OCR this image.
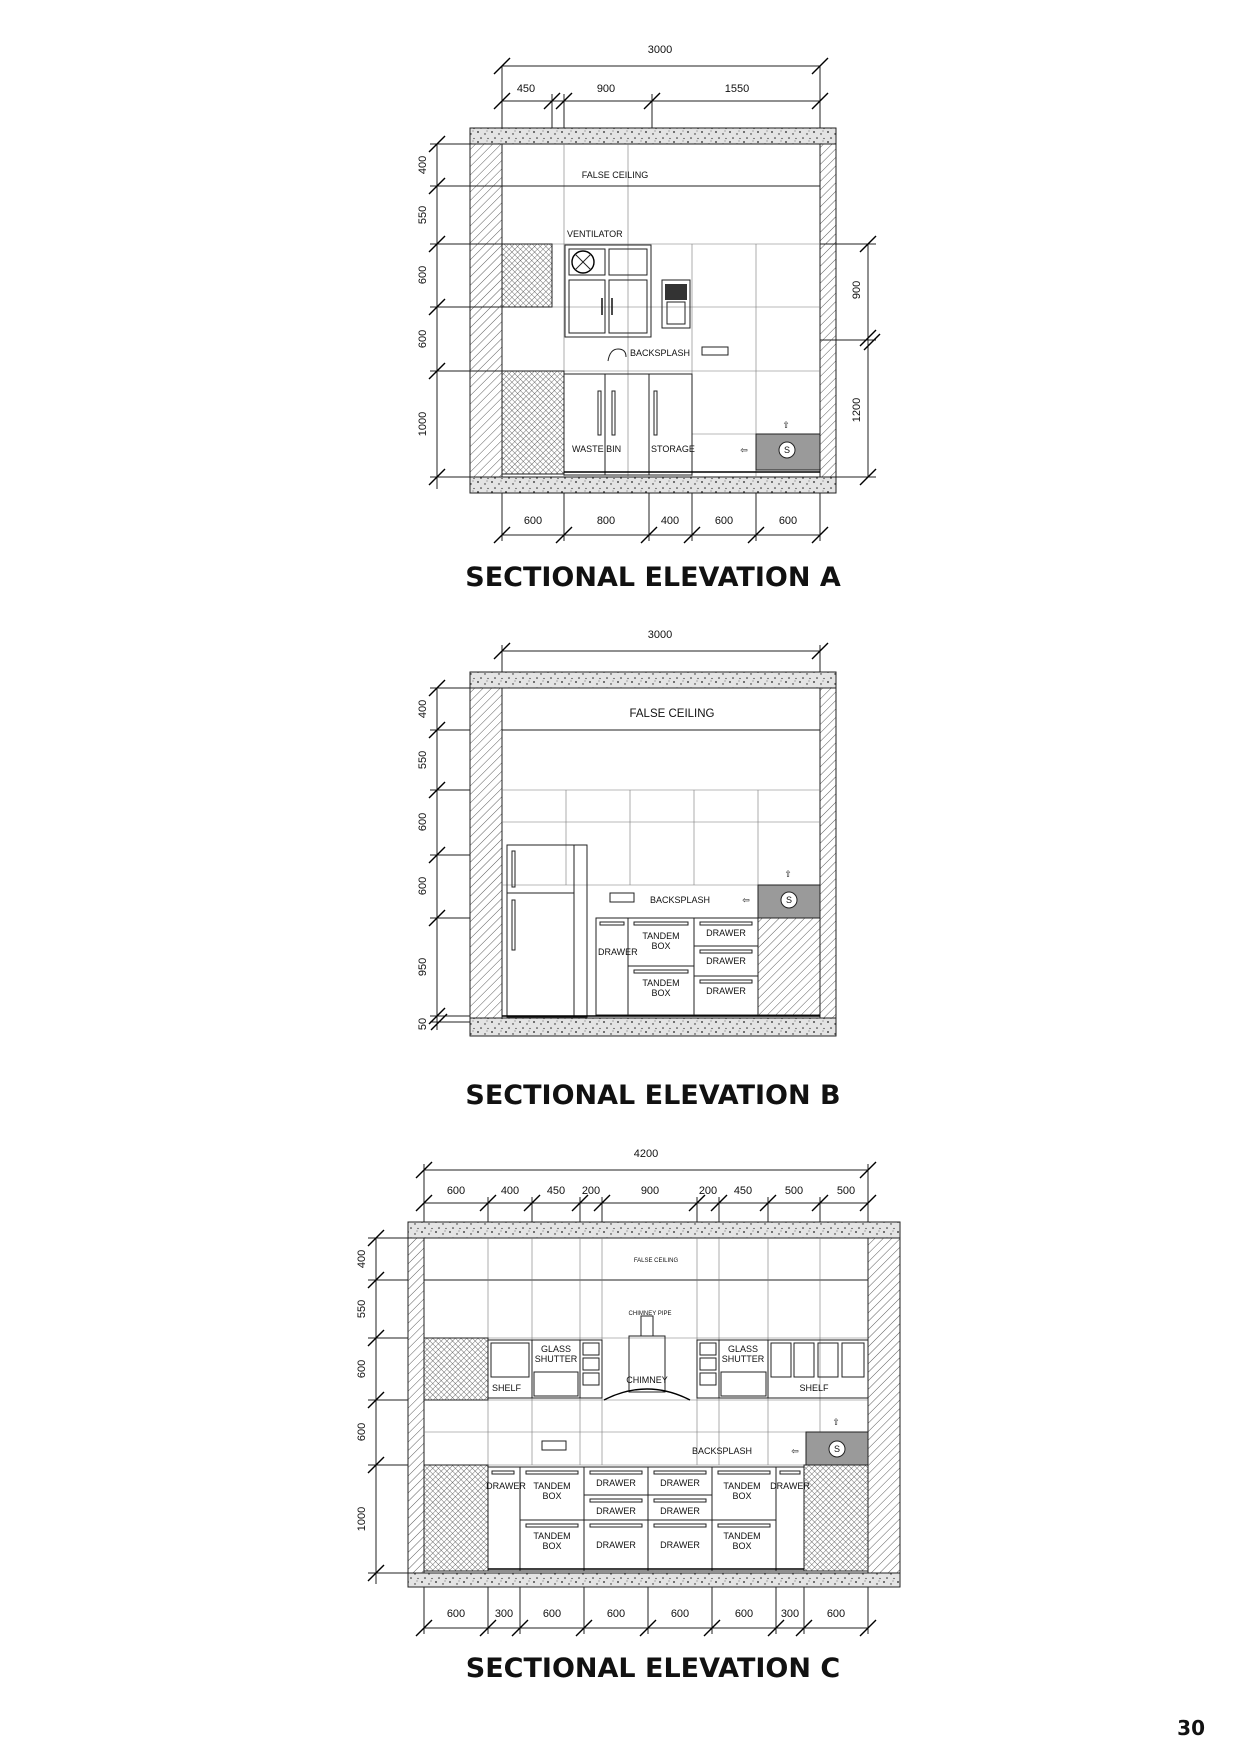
FALSE CEILING
VENTILATOR
BACKSPLASH
WASTE BIN	STORAGE	S
⇧
⇦
3000
450	900	1550
400
550
600
600
1000
900
1200
600	800	400	600	600
SECTIONAL ELEVATION A
FALSE CEILING
BACKSPLASH	⇦	S
⇧
DRAWER
TANDEM
BOX
TANDEM
BOX
DRAWER
DRAWER
DRAWER
3000
400
550
600
600
950
50
SECTIONAL ELEVATION B
FALSE CEILING
GLASS
SHUTTER
SHELF
CHIMNEY PIPE
CHIMNEY
GLASS
SHUTTER
SHELF
BACKSPLASH	⇦	S
⇧
DRAWER TANDEM
BOX
TANDEM
BOX
DRAWER	DRAWER
DRAWER	DRAWER
DRAWER	DRAWER
TANDEM
BOX
TANDEM
BOX
DRAWER
4200
600	400	450 200	900	200 450	500	500
400
550
600
600
1000
600	300	600	600	600	600	300	600
SECTIONAL ELEVATION C
30
